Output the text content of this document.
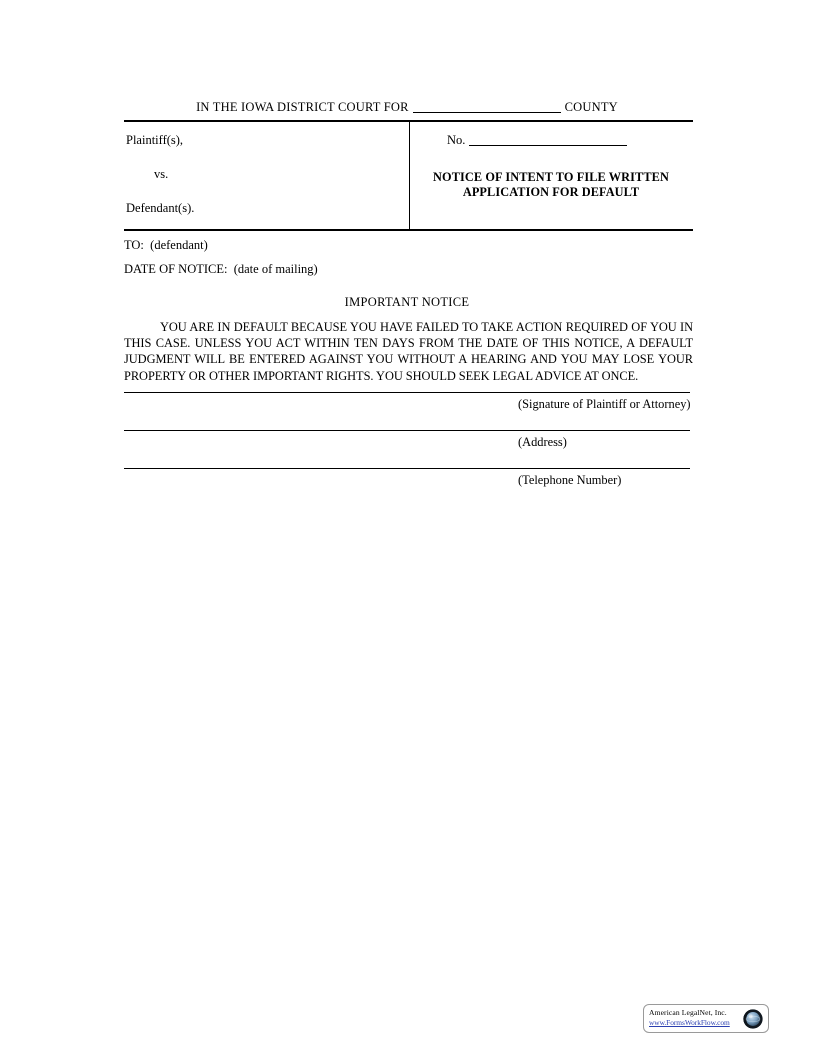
IN THE IOWA DISTRICT COURT FOR	COUNTY
Plaintiff(s),
vs.
Defendant(s).
No.
NOTICE OF INTENT TO FILE WRITTEN
APPLICATION FOR DEFAULT
TO: (defendant)
DATE OF NOTICE: (date of mailing)
IMPORTANT NOTICE
YOU ARE IN DEFAULT BECAUSE YOU HAVE FAILED TO TAKE ACTION REQUIRED OF YOU IN THIS CASE. UNLESS YOU ACT WITHIN TEN DAYS FROM THE DATE OF THIS NOTICE, A DEFAULT JUDGMENT WILL BE ENTERED AGAINST YOU WITHOUT A HEARING AND YOU MAY LOSE YOUR PROPERTY OR OTHER IMPORTANT RIGHTS. YOU SHOULD SEEK LEGAL ADVICE AT ONCE.
(Signature of Plaintiff or Attorney)
(Address)
(Telephone Number)
American LegalNet, Inc.
www.FormsWorkFlow.com
